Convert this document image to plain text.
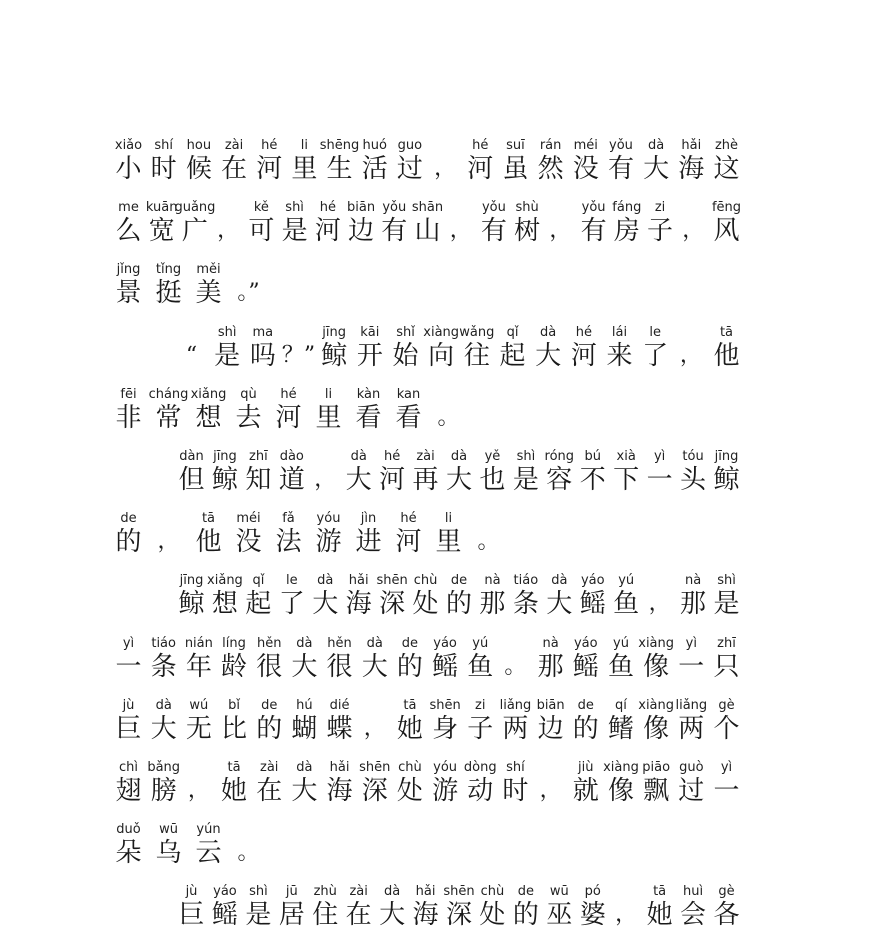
xiǎo
小
shí
时
hou
候
zài
在
hé
河
li
里
shēng
生
huó
活
guo
过 ，
hé
河
suī
虽
rán
然
méi
没
yǒu
有
dà
大
hǎi
海
zhè
这
me
么
kuān
宽
guǎng
广 ，
kě
可
shì
是
hé
河
biān
边
yǒu
有
shān
山 ，
yǒu
有
shù
树 ，
yǒu
有
fáng
房
zi
子 ，
fēng
风
jǐng
景
tǐng
挺
měi
美 。”
“
shì
是
ma
吗 ？”
jīng
鲸
kāi
开
shǐ
始
xiàng
向
wǎng
往
qǐ
起
dà
大
hé
河
lái
来
le
了 ，
tā
他
fēi
非
cháng
常
xiǎng
想
qù
去
hé
河
li
里
kàn
看
kan
看 。
dàn
但
jīng
鲸
zhī
知
dào
道 ，
dà
大
hé
河
zài
再
dà
大
yě
也
shì
是
róng
容
bú
不
xià
下
yì
一
tóu
头
jīng
鲸
de
的 ，
tā
他
méi
没
fǎ
法
yóu
游
jìn
进
hé
河
li
里 。
jīng
鲸
xiǎng
想
qǐ
起
le
了
dà
大
hǎi
海
shēn
深
chù
处
de
的
nà
那
tiáo
条
dà
大
yáo
鳐
yú
鱼 ，
nà
那
shì
是
yì
一
tiáo
条
nián
年
líng
龄
hěn
很
dà
大
hěn
很
dà
大
de
的
yáo
鳐
yú
鱼 。
nà
那
yáo
鳐
yú
鱼
xiàng
像
yì
一
zhī
只
jù
巨
dà
大
wú
无
bǐ
比
de
的
hú
蝴
dié
蝶 ，
tā
她
shēn
身
zi
子
liǎng
两
biān
边
de
的
qí
鳍
xiàng
像
liǎng
两
gè
个
chì
翅
bǎng
膀 ，
tā
她
zài
在
dà
大
hǎi
海
shēn
深
chù
处
yóu
游
dòng
动
shí
时 ，
jiù
就
xiàng
像
piāo
飘
guò
过
yì
一
duǒ
朵
wū
乌
yún
云 。
jù
巨
yáo
鳐
shì
是
jū
居
zhù
住
zài
在
dà
大
hǎi
海
shēn
深
chù
处
de
的
wū
巫
pó
婆 ，
tā
她
huì
会
gè
各
